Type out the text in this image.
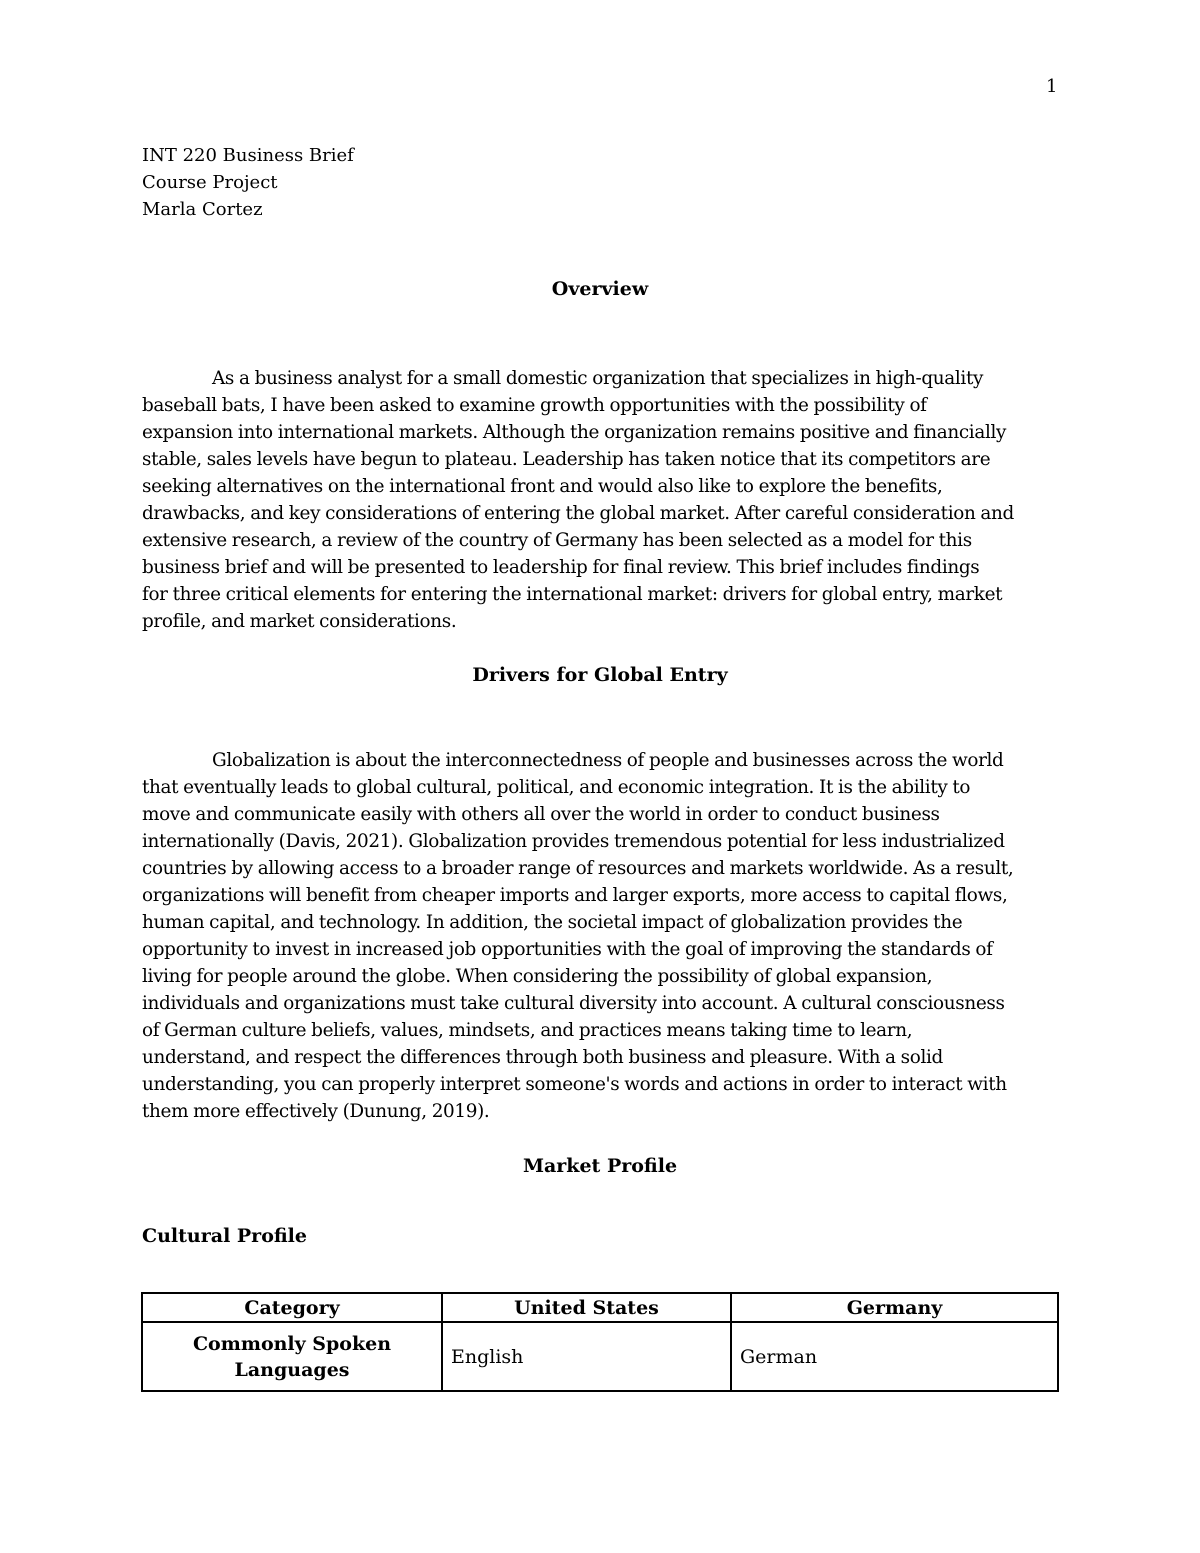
1
INT 220 Business Brief
Course Project
Marla Cortez
Overview
As a business analyst for a small domestic organization that specializes in high-quality
baseball bats, I have been asked to examine growth opportunities with the possibility of
expansion into international markets. Although the organization remains positive and financially
stable, sales levels have begun to plateau. Leadership has taken notice that its competitors are
seeking alternatives on the international front and would also like to explore the benefits,
drawbacks, and key considerations of entering the global market. After careful consideration and
extensive research, a review of the country of Germany has been selected as a model for this
business brief and will be presented to leadership for final review. This brief includes findings
for three critical elements for entering the international market: drivers for global entry, market
profile, and market considerations.
Drivers for Global Entry
Globalization is about the interconnectedness of people and businesses across the world
that eventually leads to global cultural, political, and economic integration. It is the ability to
move and communicate easily with others all over the world in order to conduct business
internationally (Davis, 2021). Globalization provides tremendous potential for less industrialized
countries by allowing access to a broader range of resources and markets worldwide. As a result,
organizations will benefit from cheaper imports and larger exports, more access to capital flows,
human capital, and technology. In addition, the societal impact of globalization provides the
opportunity to invest in increased job opportunities with the goal of improving the standards of
living for people around the globe. When considering the possibility of global expansion,
individuals and organizations must take cultural diversity into account. A cultural consciousness
of German culture beliefs, values, mindsets, and practices means taking time to learn,
understand, and respect the differences through both business and pleasure. With a solid
understanding, you can properly interpret someone's words and actions in order to interact with
them more effectively (Dunung, 2019).
Market Profile
Cultural Profile
Category	United States	Germany

Commonly Spoken
Languages	English	German
